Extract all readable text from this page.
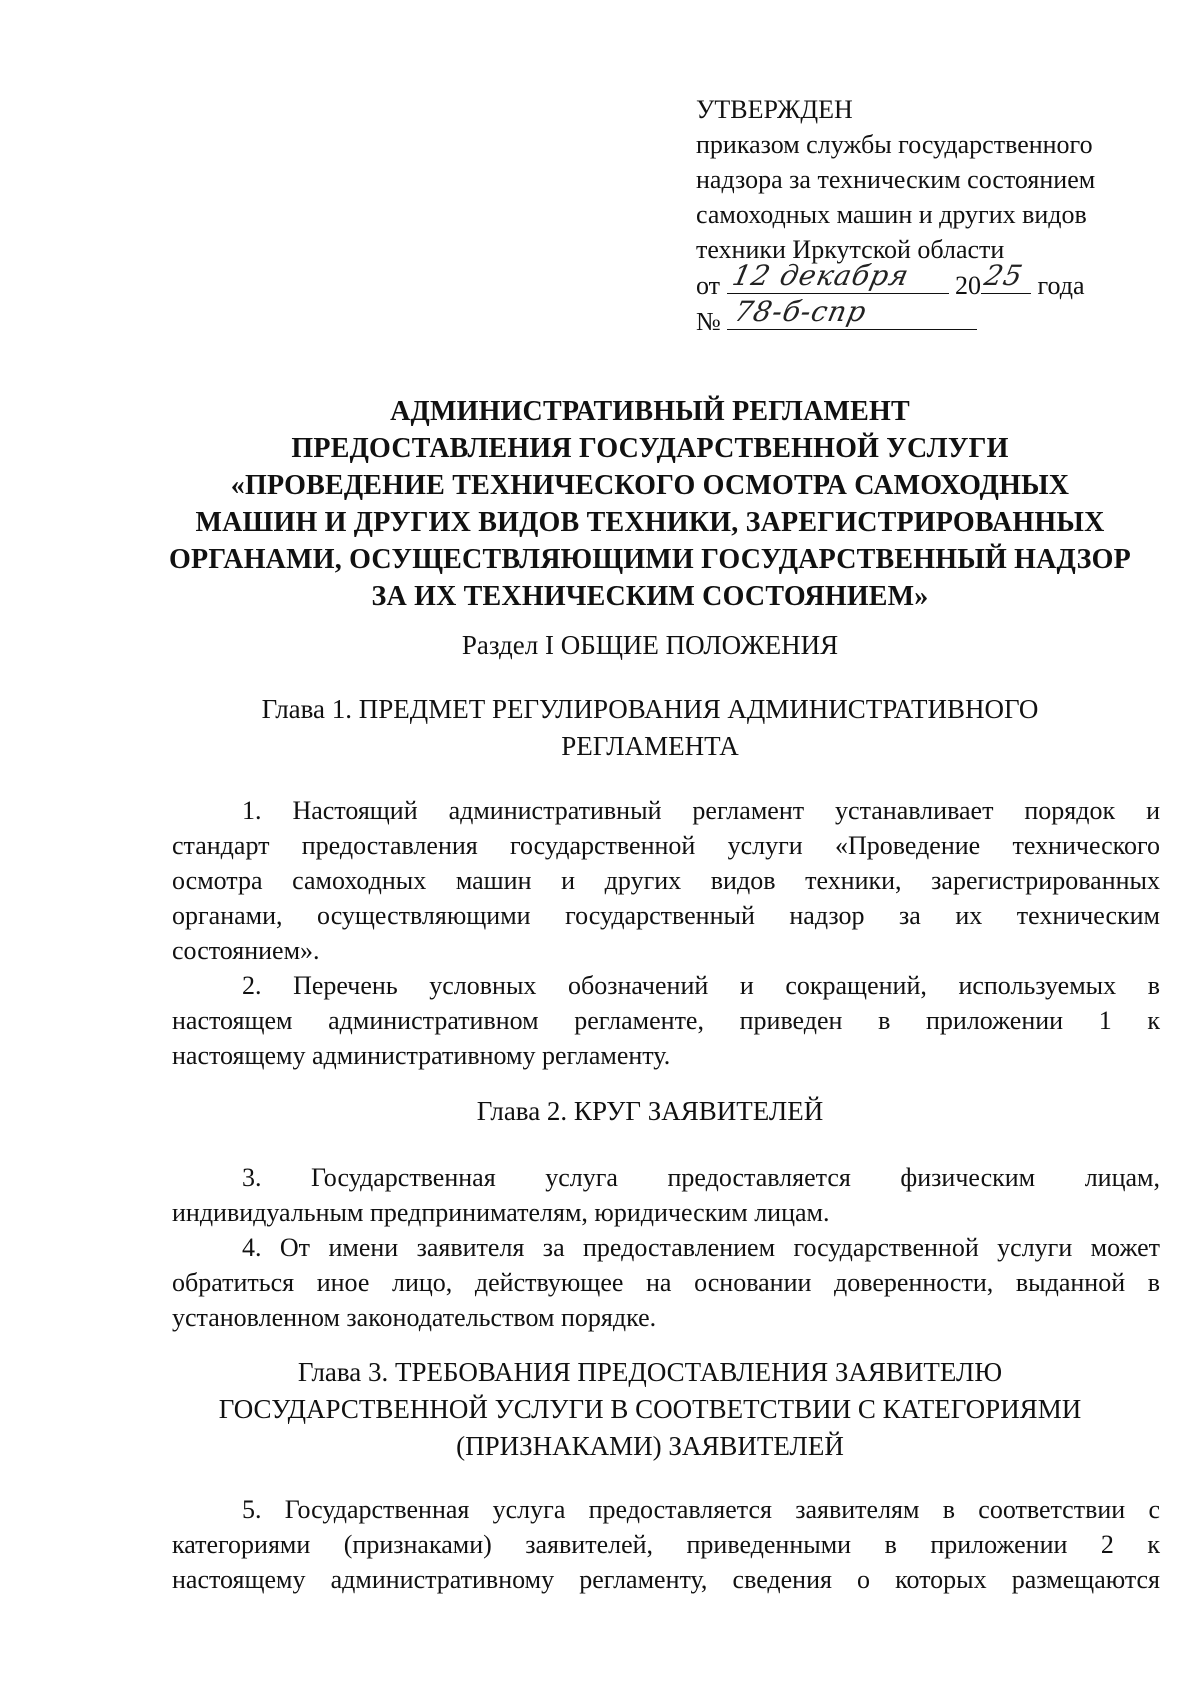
УТВЕРЖДЕН
приказом службы государственного
надзора за техническим состоянием
самоходных машин и других видов
техники Иркутской области
от 12 декабря 20 25 года
№ 78-б-спр
АДМИНИСТРАТИВНЫЙ РЕГЛАМЕНТ
ПРЕДОСТАВЛЕНИЯ ГОСУДАРСТВЕННОЙ УСЛУГИ
«ПРОВЕДЕНИЕ ТЕХНИЧЕСКОГО ОСМОТРА САМОХОДНЫХ
МАШИН И ДРУГИХ ВИДОВ ТЕХНИКИ, ЗАРЕГИСТРИРОВАННЫХ
ОРГАНАМИ, ОСУЩЕСТВЛЯЮЩИМИ ГОСУДАРСТВЕННЫЙ НАДЗОР
ЗА ИХ ТЕХНИЧЕСКИМ СОСТОЯНИЕМ»
Раздел I ОБЩИЕ ПОЛОЖЕНИЯ
Глава 1. ПРЕДМЕТ РЕГУЛИРОВАНИЯ АДМИНИСТРАТИВНОГО
РЕГЛАМЕНТА
1. Настоящий административный регламент устанавливает порядок и
стандарт предоставления государственной услуги «Проведение технического
осмотра самоходных машин и других видов техники, зарегистрированных
органами, осуществляющими государственный надзор за их техническим
состоянием».
2. Перечень условных обозначений и сокращений, используемых в
настоящем административном регламенте, приведен в приложении 1 к
настоящему административному регламенту.
Глава 2. КРУГ ЗАЯВИТЕЛЕЙ
3. Государственная услуга предоставляется физическим лицам,
индивидуальным предпринимателям, юридическим лицам.
4. От имени заявителя за предоставлением государственной услуги может
обратиться иное лицо, действующее на основании доверенности, выданной в
установленном законодательством порядке.
Глава 3. ТРЕБОВАНИЯ ПРЕДОСТАВЛЕНИЯ ЗАЯВИТЕЛЮ
ГОСУДАРСТВЕННОЙ УСЛУГИ В СООТВЕТСТВИИ С КАТЕГОРИЯМИ
(ПРИЗНАКАМИ) ЗАЯВИТЕЛЕЙ
5. Государственная услуга предоставляется заявителям в соответствии с
категориями (признаками) заявителей, приведенными в приложении 2 к
настоящему административному регламенту, сведения о которых размещаются
